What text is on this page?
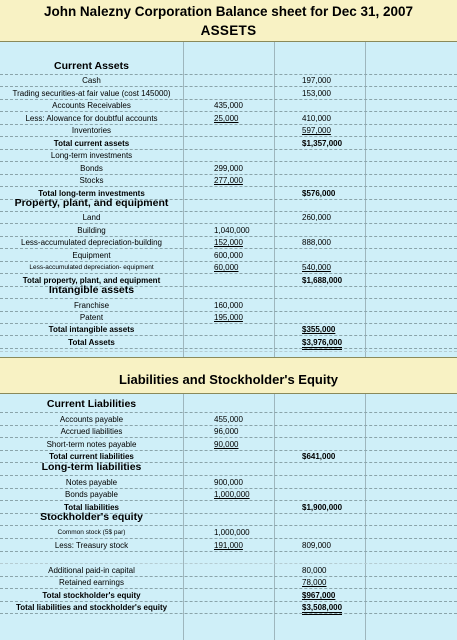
John Nalezny Corporation Balance sheet for Dec 31, 2007
ASSETS
Current Assets
Cash	197,000
Trading securities-at fair value (cost 145000)	153,000
Accounts Receivables	435,000
Less: Alowance for doubtful accounts	25,000	410,000
Inventories	597,000
Total current assets	$1,357,000
Long-term investments
Bonds	299,000
Stocks	277,000
Total long-term investments	$576,000
Property, plant, and equipment
Land	260,000
Building	1,040,000
Less-accumulated depreciation-building	152,000	888,000
Equipment	600,000
Less-accumulated depreciation- equipment	60,000	540,000
Total property, plant, and equipment	$1,688,000
Intangible assets
Franchise	160,000
Patent	195,000
Total intangible assets	$355,000
Total Assets	$3,976,000
Current Liabilities
Accounts payable	455,000
Accrued liabilities	96,000
Short-term notes payable	90,000
Total current liabilities	$641,000
Long-term liabilities
Notes payable	900,000
Bonds payable	1,000,000
Total liabilities	$1,900,000
Stockholder's equity
Common stock (5$ par)	1,000,000
Less: Treasury stock	191,000	809,000
Additional paid-in capital	80,000
Retained earnings	78,000
Total stockholder's equity	$967,000
Total liabilities and stockholder's equity	$3,508,000
Liabilities and Stockholder's Equity
